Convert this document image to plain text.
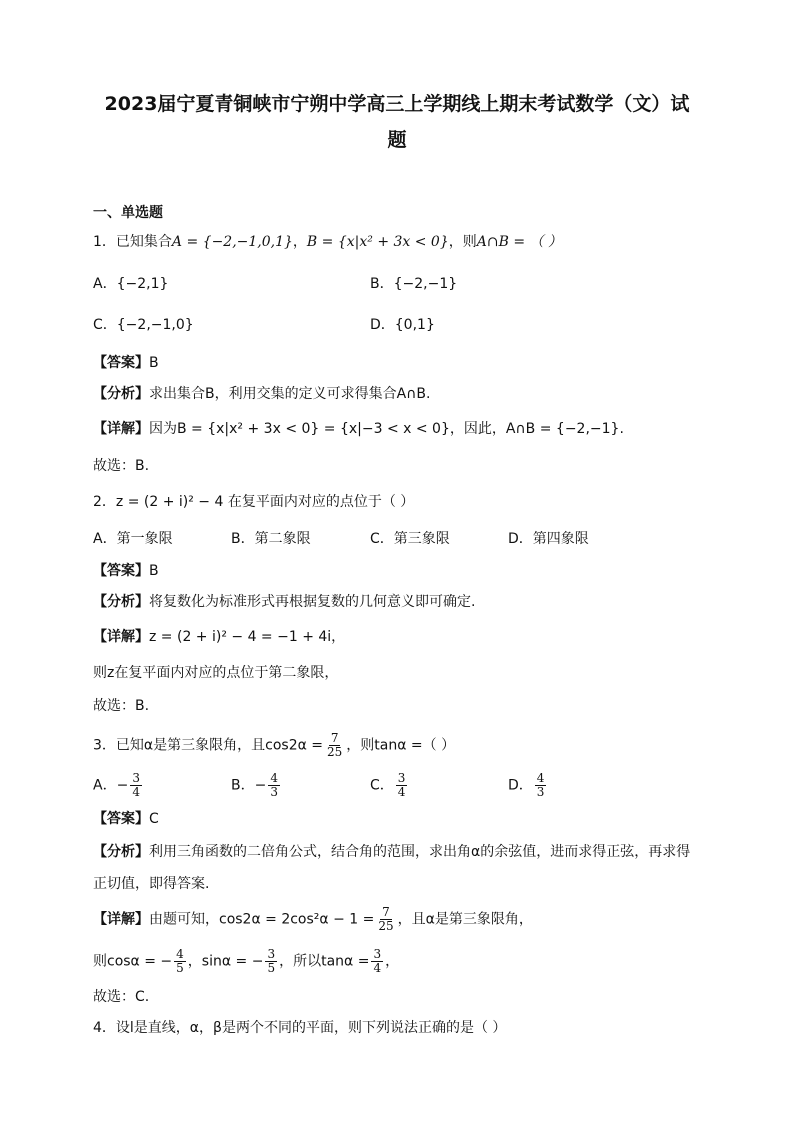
2023届宁夏青铜峡市宁朔中学高三上学期线上期末考试数学（文）试
题
一、单选题
1．已知集合A = {−2,−1,0,1}，B = {x|x² + 3x < 0}，则A∩B = （ ）
A．{−2,1}	B．{−2,−1}
C．{−2,−1,0}	D．{0,1}
【答案】B
【分析】求出集合B，利用交集的定义可求得集合A∩B.
【详解】因为B = {x|x² + 3x < 0} = {x|−3 < x < 0}，因此，A∩B = {−2,−1}.
故选：B.
2．z = (2 + i)² − 4 在复平面内对应的点位于（ ）
A．第一象限	B．第二象限	C．第三象限	D．第四象限
【答案】B
【分析】将复数化为标准形式再根据复数的几何意义即可确定.
【详解】z = (2 + i)² − 4 = −1 + 4i，
则z在复平面内对应的点位于第二象限，
故选：B.
3．已知α是第三象限角，且$\cos 2\alpha = \frac{7}{25}$ ，则tanα =（ ）
A．− $\frac{3}{4}$	B．− $\frac{4}{3}$	C． $\frac{3}{4}$	D． $\frac{4}{3}$
【答案】C
【分析】利用三角函数的二倍角公式，结合角的范围，求出角α的余弦值，进而求得正弦，再求得
正切值，即得答案.
【详解】由题可知，$\cos 2\alpha = 2\cos^2\alpha - 1 = \frac{7}{25}$ ，且α是第三象限角，
则cosα = − $\frac{4}{5}$ ，sinα = − $\frac{3}{5}$ ，所以$\tan\alpha = \frac{3}{4}$ ，
故选：C.
4．设l是直线，α，β是两个不同的平面，则下列说法正确的是（ ）
